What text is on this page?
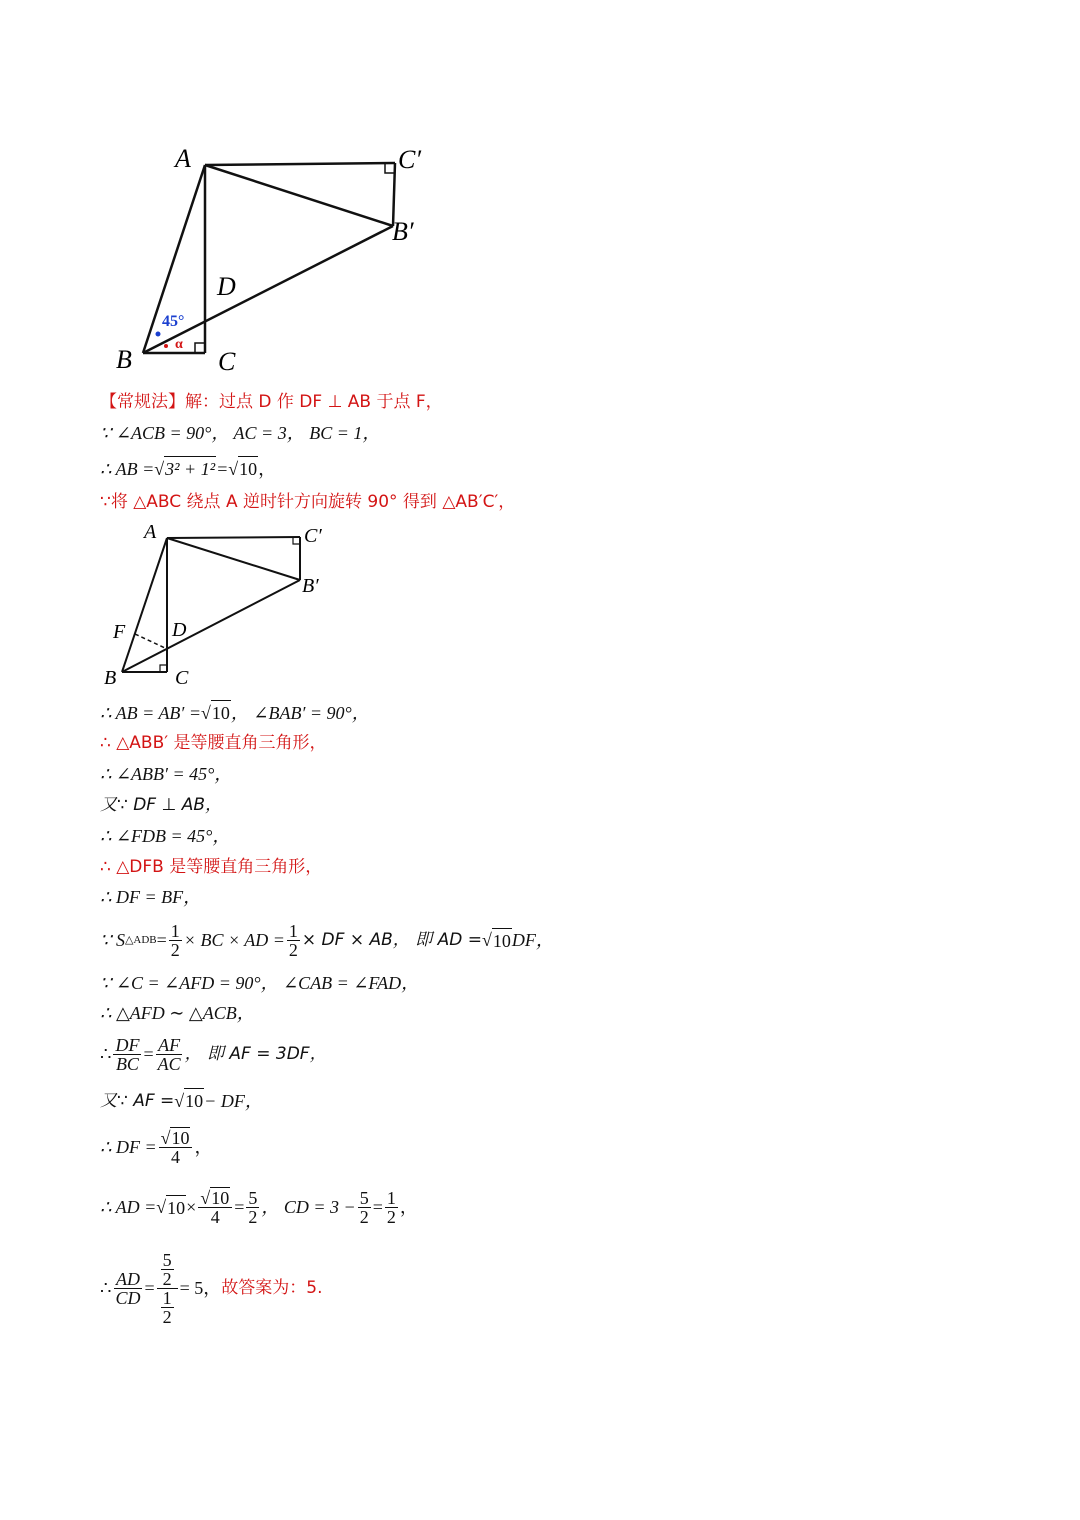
A	C′
B′
D
B	C
45°
α
【常规法】解：过点 D 作 DF ⊥ AB 于点 F，
∵ ∠ACB = 90°， AC = 3， BC = 1，
∴ AB = √ 3² + 1² = √ 10 ，
∵将 △ABC 绕点 A 逆时针方向旋转 90° 得到 △AB′C′，
A	C′
B′
F D
B	C
∴ AB = AB′ = √ 10 ， ∠BAB′ = 90°，
∴ △ABB′ 是等腰直角三角形，
∴ ∠ABB′ = 45°，
又∵ DF ⊥ AB，
∴ ∠FDB = 45°，
∴ △DFB 是等腰直角三角形，
∴ DF = BF，
∵ S △ADB = $\frac{1}{2}$ × BC × AD = $\frac{1}{2}$ × DF × AB， 即 AD = √ 10 DF，
∵ ∠C = ∠AFD = 90°， ∠CAB = ∠FAD，
∴ △AFD ∼ △ACB，
∴ $\frac{DF}{BC} = \frac{AF}{AC}$ ， 即 AF = 3DF，
又∵ AF = √ 10 − DF，
∴ DF = $\frac{√10}{4}$ ，
∴ AD = √ $10 \times \frac{√10}{4} = \frac{5}{2}$ ， CD = $3 - \frac{5}{2} = \frac{1}{2}$ ，
∴ $\frac{AD}{CD} = \frac{\frac{5}{2}}{\frac{1}{2}} = 5$， 故答案为：5.
